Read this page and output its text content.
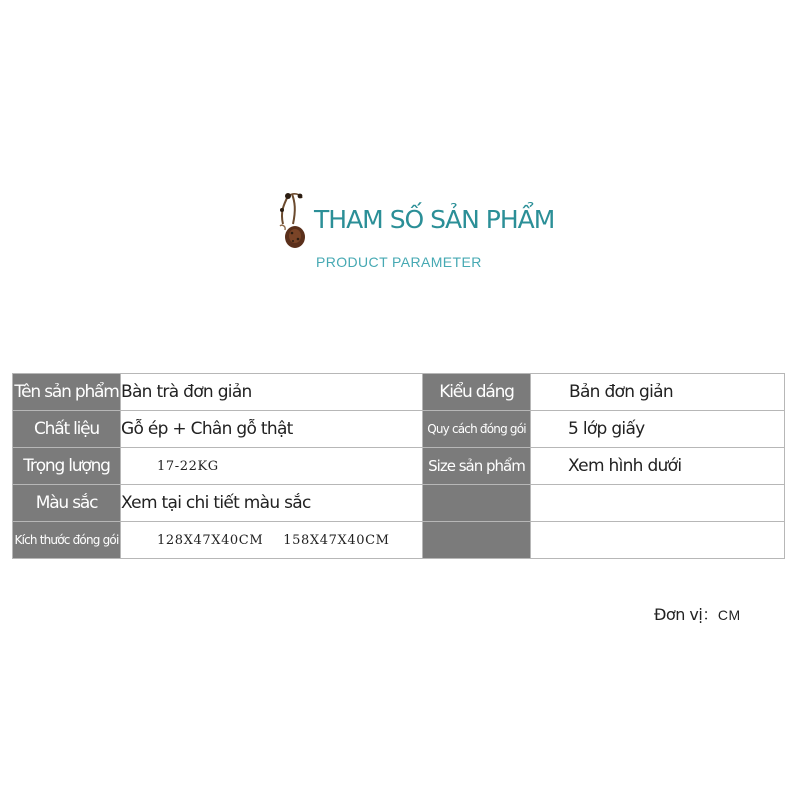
THAM SỐ SẢN PHẨM
PRODUCT PARAMETER
Tên sản phẩm	Bàn trà đơn giản	Kiểu dáng	Bản đơn giản
Chất liệu	Gỗ ép + Chân gỗ thật	Quy cách đóng gói	5 lớp giấy
Trọng lượng	17-22KG	Size sản phẩm	Xem hình dưới
Màu sắc	Xem tại chi tiết màu sắc		
Kích thước đóng gói	128X47X40CM 158X47X40CM		
Đơn vị：CM
